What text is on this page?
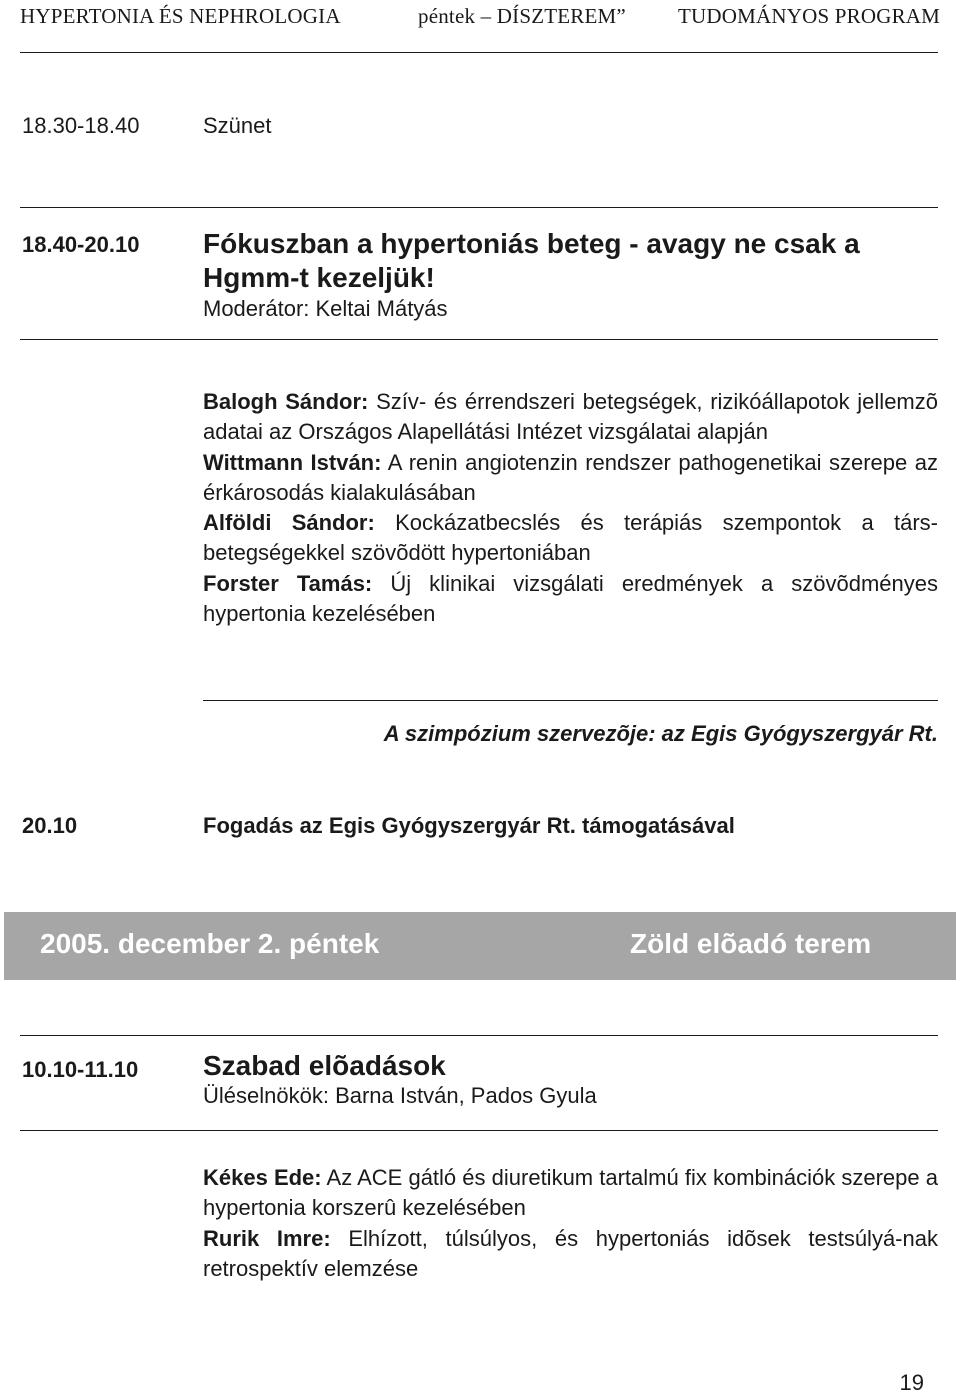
HYPERTONIA ÉS NEPHROLOGIA	péntek – DÍSZTEREM” TUDOMÁNYOS PROGRAM
18.30-18.40	Szünet
18.40-20.10 Fókuszban a hypertoniás beteg - avagy ne csak a Hgmm-t kezeljük!
Moderátor: Keltai Mátyás
Balogh Sándor: Szív- és érrendszeri betegségek, rizikóállapotok jellemzõ adatai az Országos Alapellátási Intézet vizsgálatai alapján
Wittmann István: A renin angiotenzin rendszer pathogenetikai szerepe az érkárosodás kialakulásában
Alföldi Sándor: Kockázatbecslés és terápiás szempontok a társ-betegségekkel szövõdött hypertoniában
Forster Tamás: Új klinikai vizsgálati eredmények a szövõdményes hypertonia kezelésében
A szimpózium szervezõje: az Egis Gyógyszergyár Rt.
20.10	Fogadás az Egis Gyógyszergyár Rt. támogatásával
2005. december 2. péntek	Zöld elõadó terem
10.10-11.10 Szabad elõadások
Üléselnökök: Barna István, Pados Gyula
Kékes Ede: Az ACE gátló és diuretikum tartalmú fix kombinációk szerepe a hypertonia korszerû kezelésében
Rurik Imre: Elhízott, túlsúlyos, és hypertoniás idõsek testsúlyá-nak retrospektív elemzése
19
